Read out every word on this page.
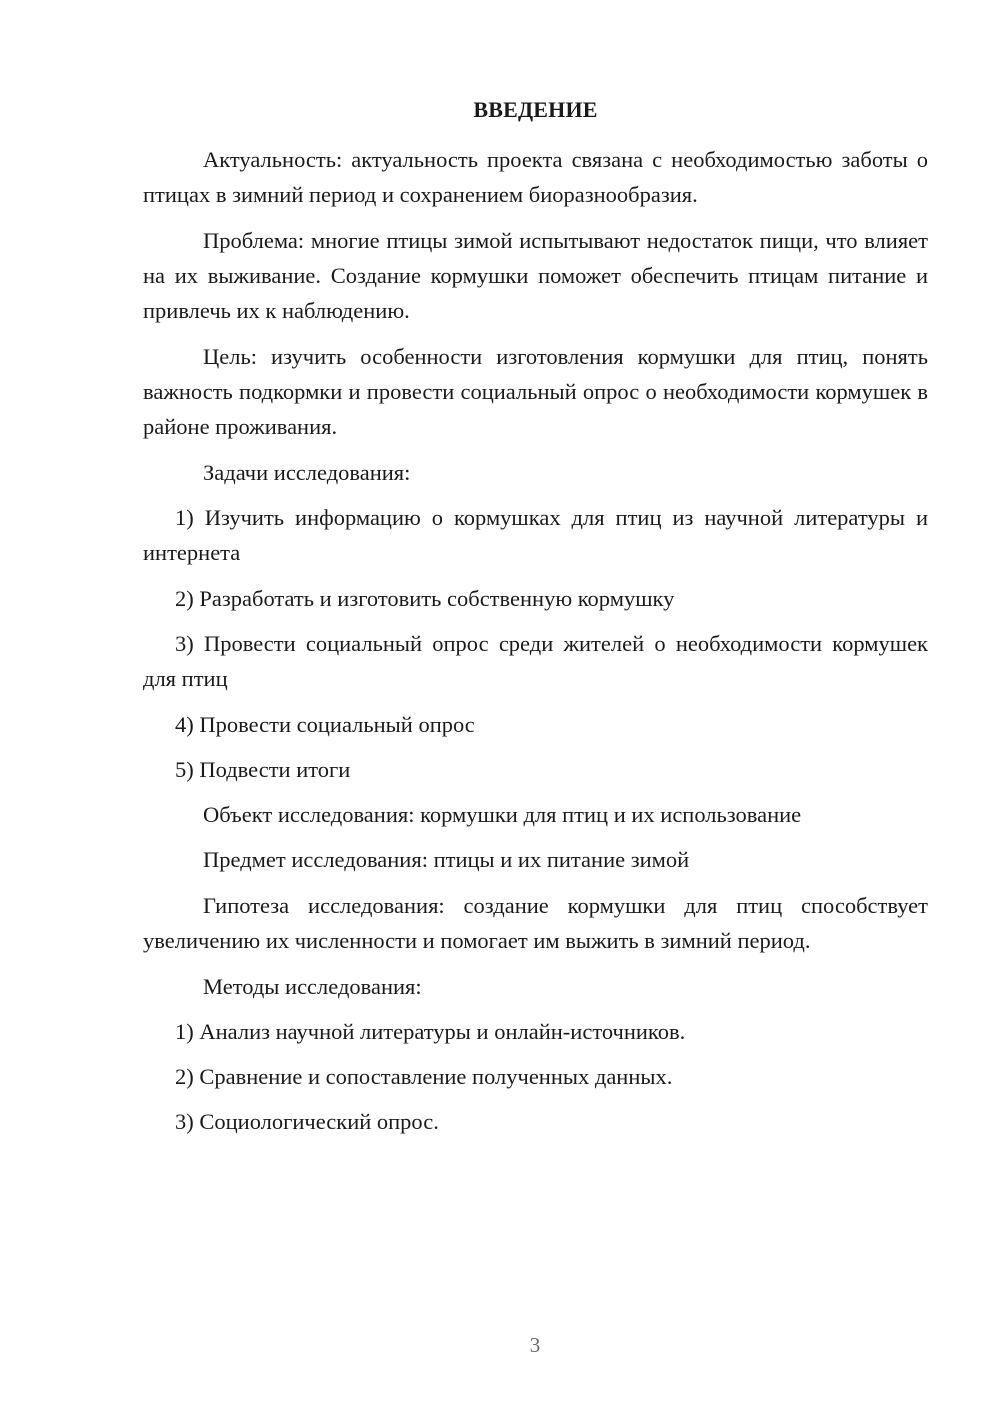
ВВЕДЕНИЕ

Актуальность: актуальность проекта связана с необходимостью заботы о птицах в зимний период и сохранением биоразнообразия.

Проблема: многие птицы зимой испытывают недостаток пищи, что влияет на их выживание. Создание кормушки поможет обеспечить птицам питание и привлечь их к наблюдению.

Цель: изучить особенности изготовления кормушки для птиц, понять важность подкормки и провести социальный опрос о необходимости кормушек в районе проживания.

Задачи исследования:

1) Изучить информацию о кормушках для птиц из научной литературы и интернета

2) Разработать и изготовить собственную кормушку

3) Провести социальный опрос среди жителей о необходимости кормушек для птиц

4) Провести социальный опрос

5) Подвести итоги

Объект исследования: кормушки для птиц и их использование

Предмет исследования: птицы и их питание зимой

Гипотеза исследования: создание кормушки для птиц способствует увеличению их численности и помогает им выжить в зимний период.

Методы исследования:

1) Анализ научной литературы и онлайн-источников.

2) Сравнение и сопоставление полученных данных.

3) Социологический опрос.

3
